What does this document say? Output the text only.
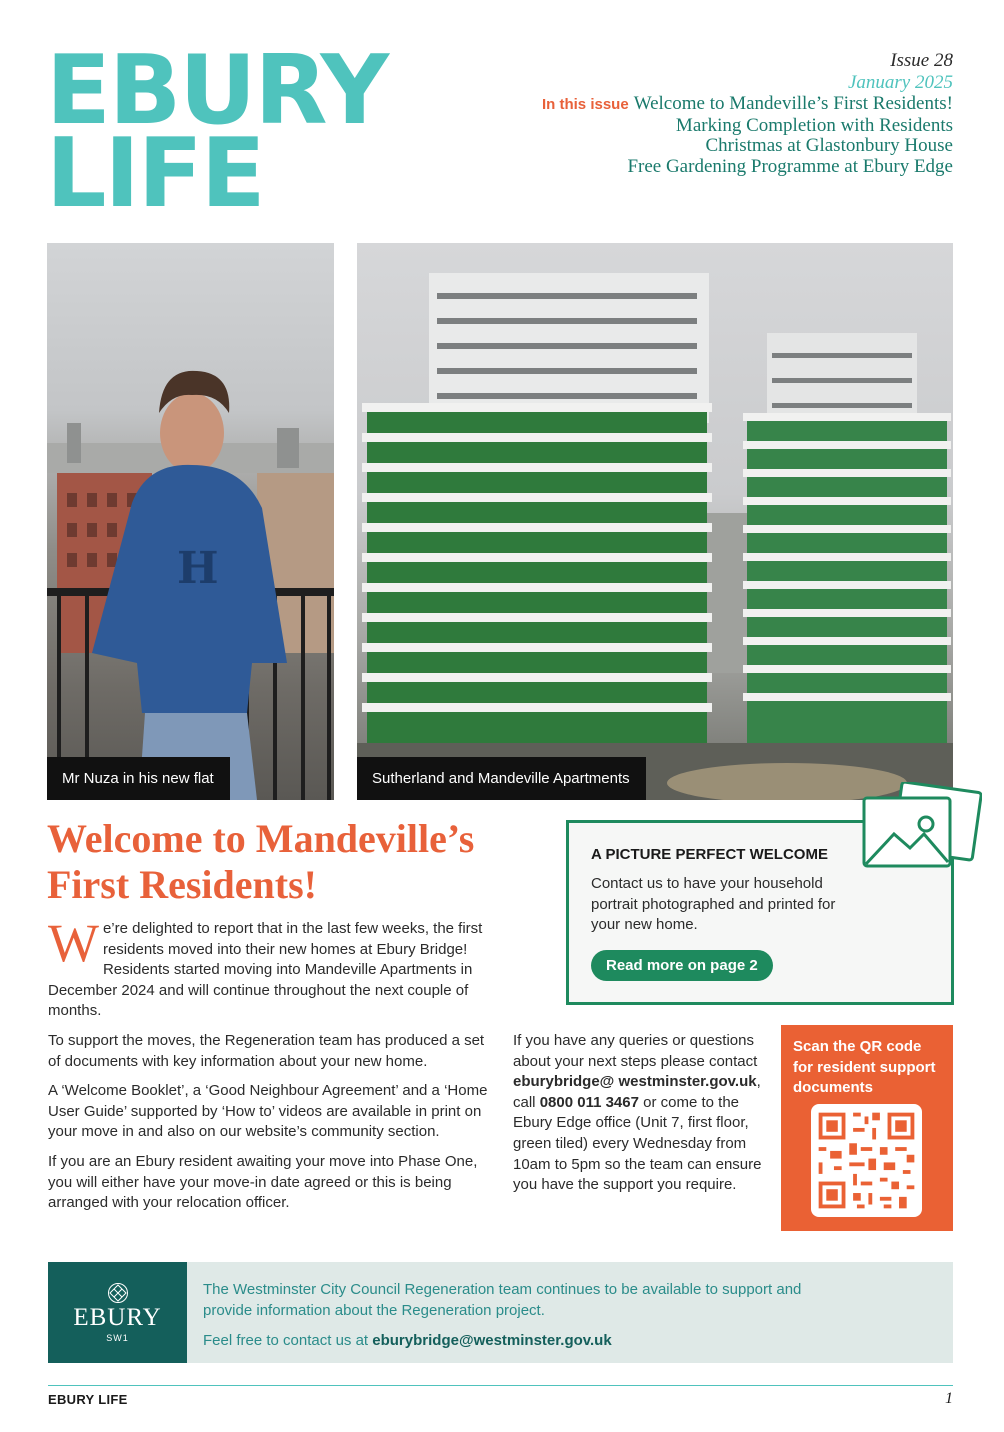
EBURY
LIFE
Issue 28
January 2025
In this issue Welcome to Mandeville’s First Residents!
Marking Completion with Residents
Christmas at Glastonbury House
Free Gardening Programme at Ebury Edge
H
Mr Nuza in his new flat	Sutherland and Mandeville Apartments
Welcome to Mandeville’s First Residents!

We’re delighted to report that in the last few weeks, the first residents moved into their new homes at Ebury Bridge! Residents started moving into Mandeville Apartments in December 2024 and will continue throughout the next couple of months.

To support the moves, the Regeneration team has produced a set of documents with key information about your new home.

A ‘Welcome Booklet’, a ‘Good Neighbour Agreement’ and a ‘Home User Guide’ supported by ‘How to’ videos are available in print on your move in and also on our website’s community section.

If you are an Ebury resident awaiting your move into Phase One, you will either have your move-in date agreed or this is being arranged with your relocation officer.

If you have any queries or questions about your next steps please contact eburybridge@ westminster.gov.uk, call 0800 011 3467 or come to the Ebury Edge office (Unit 7, first floor, green tiled) every Wednesday from 10am to 5pm so the team can ensure you have the support you require.

A PICTURE PERFECT WELCOME
Contact us to have your household portrait photographed and printed for your new home.
Read more on page 2
Scan the QR code for resident support documents
EBURY
SW1

The Westminster City Council Regeneration team continues to be available to support and provide information about the Regeneration project.

Feel free to contact us at eburybridge@westminster.gov.uk

EBURY LIFE	1
